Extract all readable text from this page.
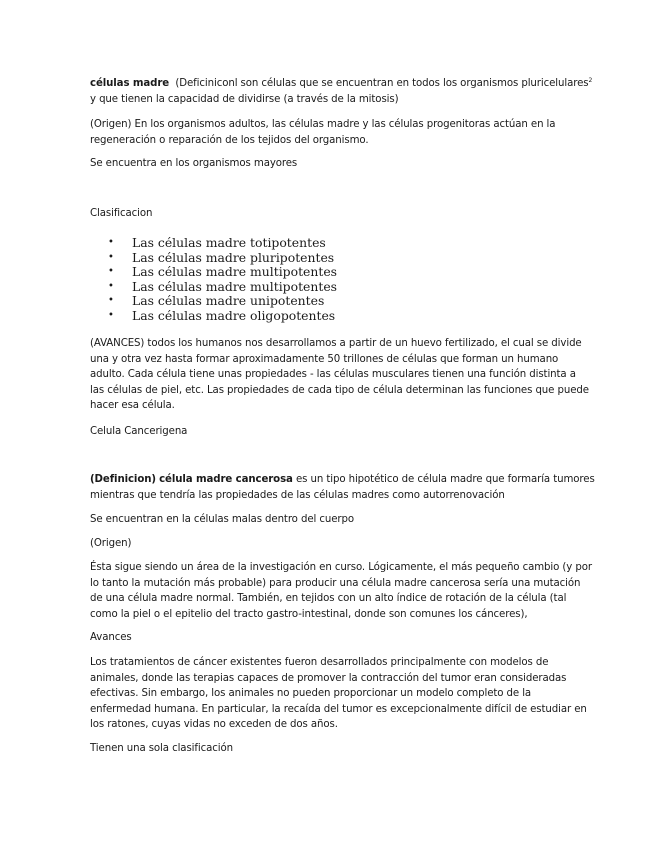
células madre (Deficiniconl son células que se encuentran en todos los organismos pluricelulares$^2$
y que tienen la capacidad de dividirse (a través de la mitosis)
(Origen) En los organismos adultos, las células madre y las células progenitoras actúan en la
regeneración o reparación de los tejidos del organismo.
Se encuentra en los organismos mayores
Clasificacion
• Las células madre totipotentes
• Las células madre pluripotentes
• Las células madre multipotentes
• Las células madre multipotentes
• Las células madre unipotentes
• Las células madre oligopotentes
(AVANCES) todos los humanos nos desarrollamos a partir de un huevo fertilizado, el cual se divide
una y otra vez hasta formar aproximadamente 50 trillones de células que forman un humano
adulto. Cada célula tiene unas propiedades - las células musculares tienen una función distinta a
las células de piel, etc. Las propiedades de cada tipo de célula determinan las funciones que puede
hacer esa célula.
Celula Cancerigena
(Definicion) célula madre cancerosa es un tipo hipotético de célula madre que formaría tumores
mientras que tendría las propiedades de las células madres como autorrenovación
Se encuentran en la células malas dentro del cuerpo
(Origen)
Ésta sigue siendo un área de la investigación en curso. Lógicamente, el más pequeño cambio (y por
lo tanto la mutación más probable) para producir una célula madre cancerosa sería una mutación
de una célula madre normal. También, en tejidos con un alto índice de rotación de la célula (tal
como la piel o el epitelio del tracto gastro-intestinal, donde son comunes los cánceres),
Avances
Los tratamientos de cáncer existentes fueron desarrollados principalmente con modelos de
animales, donde las terapias capaces de promover la contracción del tumor eran consideradas
efectivas. Sin embargo, los animales no pueden proporcionar un modelo completo de la
enfermedad humana. En particular, la recaída del tumor es excepcionalmente difícil de estudiar en
los ratones, cuyas vidas no exceden de dos años.
Tienen una sola clasificación
